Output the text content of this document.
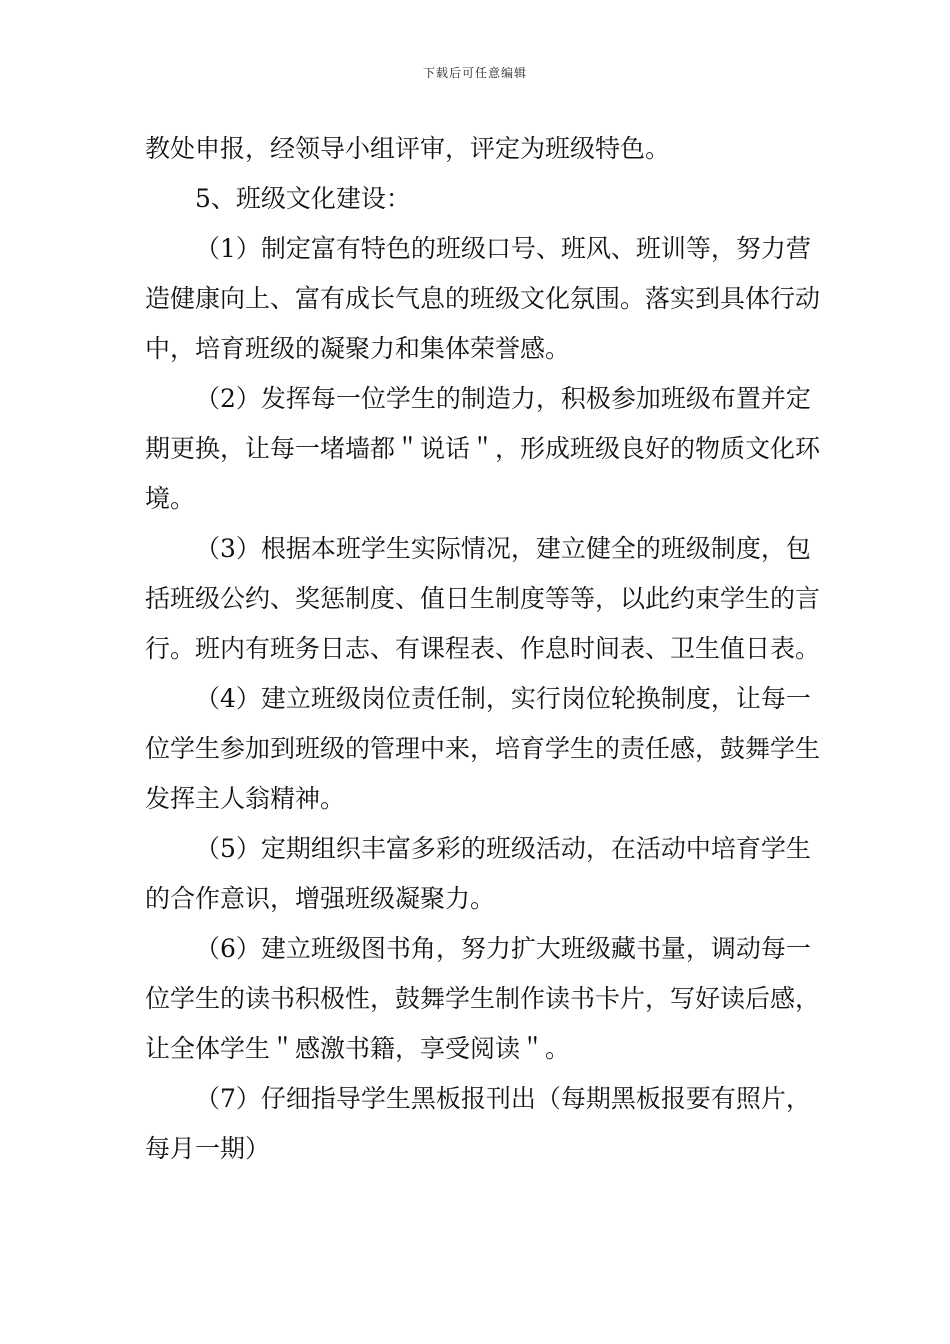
下载后可任意编辑

教处申报，经领导小组评审，评定为班级特色。

5、班级文化建设：

（1）制定富有特色的班级口号、班风、班训等，努力营造健康向上、富有成长气息的班级文化氛围。落实到具体行动中，培育班级的凝聚力和集体荣誉感。

（2）发挥每一位学生的制造力，积极参加班级布置并定期更换，让每一堵墙都＂说话＂，形成班级良好的物质文化环境。

（3）根据本班学生实际情况，建立健全的班级制度，包括班级公约、奖惩制度、值日生制度等等，以此约束学生的言行。班内有班务日志、有课程表、作息时间表、卫生值日表。

（4）建立班级岗位责任制，实行岗位轮换制度，让每一位学生参加到班级的管理中来，培育学生的责任感，鼓舞学生发挥主人翁精神。

（5）定期组织丰富多彩的班级活动，在活动中培育学生的合作意识，增强班级凝聚力。

（6）建立班级图书角，努力扩大班级藏书量，调动每一位学生的读书积极性，鼓舞学生制作读书卡片，写好读后感，让全体学生＂感激书籍，享受阅读＂。

（7）仔细指导学生黑板报刊出（每期黑板报要有照片，每月一期）
